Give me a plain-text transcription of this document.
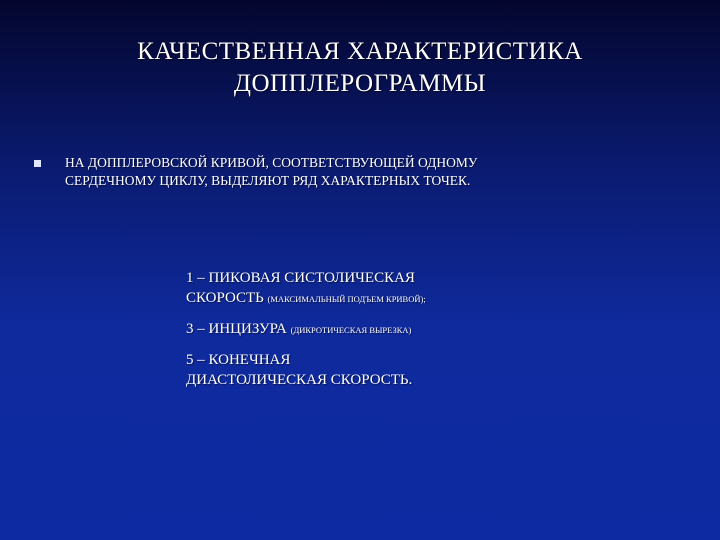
КАЧЕСТВЕННАЯ ХАРАКТЕРИСТИКА
ДОППЛЕРОГРАММЫ
НА ДОППЛЕРОВСКОЙ КРИВОЙ, СООТВЕТСТВУЮЩЕЙ ОДНОМУ
СЕРДЕЧНОМУ ЦИКЛУ, ВЫДЕЛЯЮТ РЯД ХАРАКТЕРНЫХ ТОЧЕК.
1 – ПИКОВАЯ СИСТОЛИЧЕСКАЯ
СКОРОСТЬ (МАКСИМАЛЬНЫЙ ПОДЪЕМ КРИВОЙ);
3 – ИНЦИЗУРА (ДИКРОТИЧЕСКАЯ ВЫРЕЗКА)
5 – КОНЕЧНАЯ
ДИАСТОЛИЧЕСКАЯ СКОРОСТЬ.
